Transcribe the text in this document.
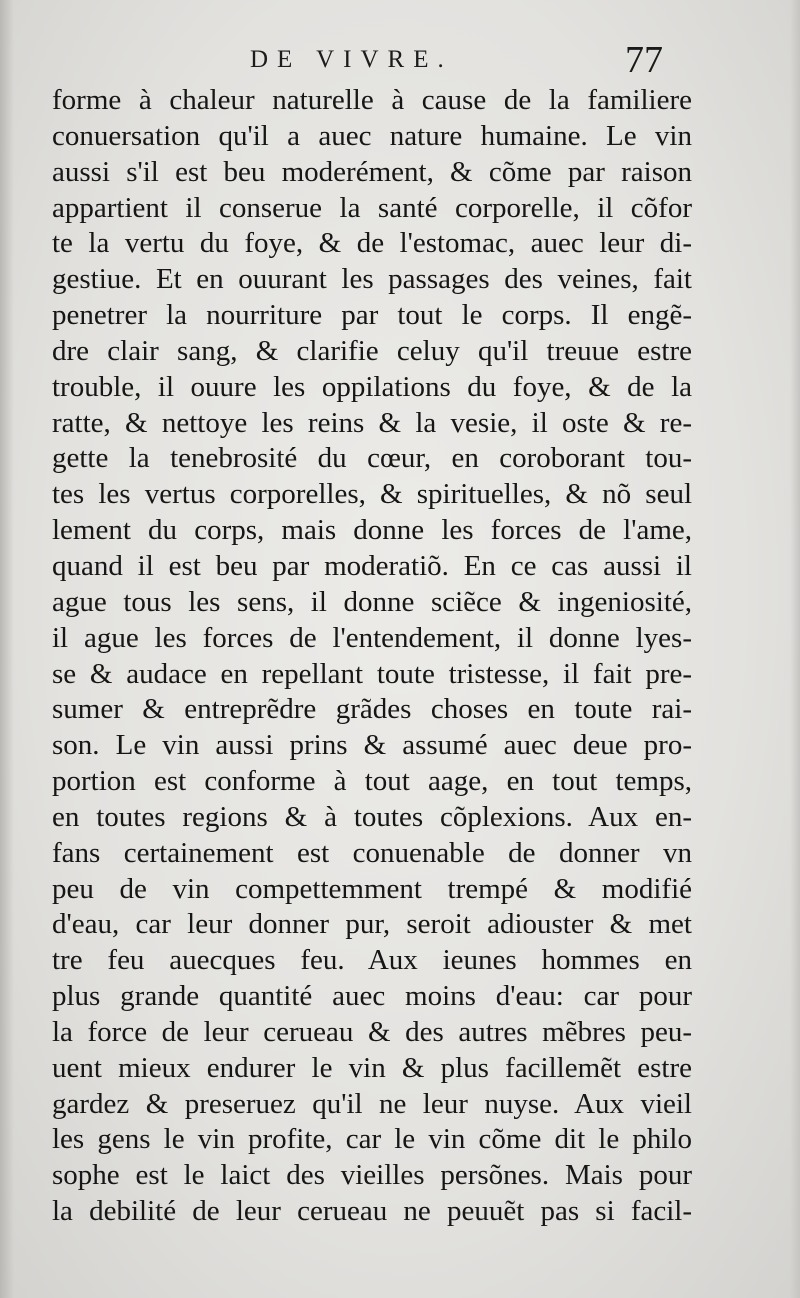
DE VIVRE.	77
forme à chaleur naturelle à cause de la familiere
conuersation qu'il a auec nature humaine. Le vin
aussi s'il est beu moderément, & cõme par raison
appartient il conserue la santé corporelle, il cõfor
te la vertu du foye, & de l'estomac, auec leur di-
gestiue. Et en ouurant les passages des veines, fait
penetrer la nourriture par tout le corps. Il engẽ-
dre clair sang, & clarifie celuy qu'il treuue estre
trouble, il ouure les oppilations du foye, & de la
ratte, & nettoye les reins & la vesie, il oste & re-
gette la tenebrosité du cœur, en coroborant tou-
tes les vertus corporelles, & spirituelles, & nõ seul
lement du corps, mais donne les forces de l'ame,
quand il est beu par moderatiõ. En ce cas aussi il
ague tous les sens, il donne sciẽce & ingeniosité,
il ague les forces de l'entendement, il donne lyes-
se & audace en repellant toute tristesse, il fait pre-
sumer & entreprẽdre grãdes choses en toute rai-
son. Le vin aussi prins & assumé auec deue pro-
portion est conforme à tout aage, en tout temps,
en toutes regions & à toutes cõplexions. Aux en-
fans certainement est conuenable de donner vn
peu de vin compettemment trempé & modifié
d'eau, car leur donner pur, seroit adiouster & met
tre feu auecques feu. Aux ieunes hommes en
plus grande quantité auec moins d'eau: car pour
la force de leur cerueau & des autres mẽbres peu-
uent mieux endurer le vin & plus facillemẽt estre
gardez & preseruez qu'il ne leur nuyse. Aux vieil
les gens le vin profite, car le vin cõme dit le philo
sophe est le laict des vieilles persõnes. Mais pour
la debilité de leur cerueau ne peuuẽt pas si facil-
